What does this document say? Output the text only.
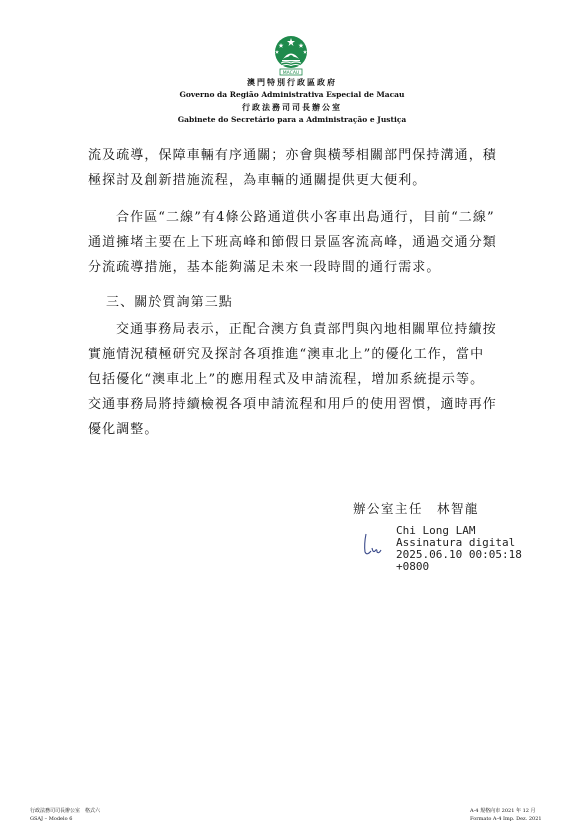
MACAU
澳門特別行政區政府
Governo da Região Administrativa Especial de Macau
行政法務司司長辦公室
Gabinete do Secretário para a Administração e Justiça
流及疏導，保障車輛有序通關；亦會與橫琴相關部門保持溝通，積
極探討及創新措施流程，為車輛的通關提供更大便利。
合作區“二線”有4條公路通道供小客車出島通行，目前“二線”
通道擁堵主要在上下班高峰和節假日景區客流高峰，通過交通分類
分流疏導措施，基本能夠滿足未來一段時間的通行需求。
三、關於質詢第三點
交通事務局表示，正配合澳方負責部門與內地相關單位持續按
實施情況積極研究及探討各項推進“澳車北上”的優化工作，當中
包括優化“澳車北上”的應用程式及申請流程，增加系統提示等。
交通事務局將持續檢視各項申請流程和用戶的使用習慣，適時再作
優化調整。
辦公室主任　林智龍
Chi Long LAM
Assinatura digital
2025.06.10 00:05:18
+0800
行政法務司司長辦公室　格式六
GSAJ – Modelo 6
A-4 規格向市 2021 年 12 月
Formato A-4 Imp. Dez. 2021
